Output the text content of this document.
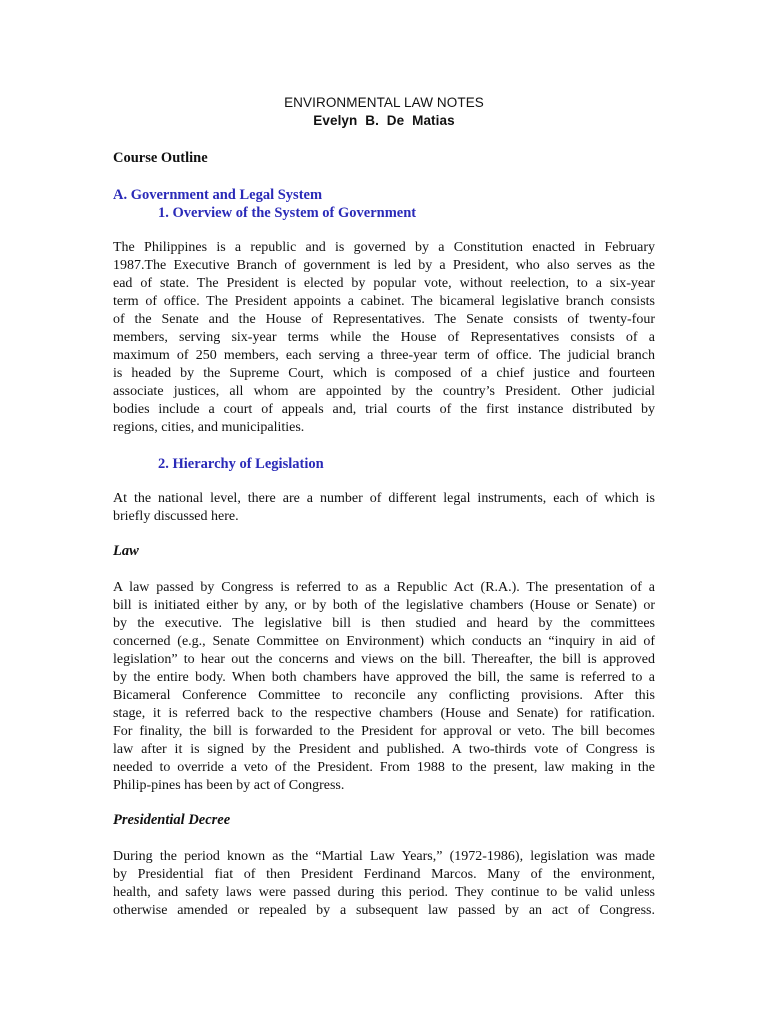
ENVIRONMENTAL LAW NOTES
Evelyn B. De Matias
Course Outline
A. Government and Legal System
1. Overview of the System of Government
The Philippines is a republic and is governed by a Constitution enacted in February
1987.The Executive Branch of government is led by a President, who also serves as the
ead of state. The President is elected by popular vote, without reelection, to a six-year
term of office. The President appoints a cabinet. The bicameral legislative branch consists
of the Senate and the House of Representatives. The Senate consists of twenty-four
members, serving six-year terms while the House of Representatives consists of a
maximum of 250 members, each serving a three-year term of office. The judicial branch
is headed by the Supreme Court, which is composed of a chief justice and fourteen
associate justices, all whom are appointed by the country’s President. Other judicial
bodies include a court of appeals and, trial courts of the first instance distributed by
regions, cities, and municipalities.
2. Hierarchy of Legislation
At the national level, there are a number of different legal instruments, each of which is
briefly discussed here.
Law
A law passed by Congress is referred to as a Republic Act (R.A.). The presentation of a
bill is initiated either by any, or by both of the legislative chambers (House or Senate) or
by the executive. The legislative bill is then studied and heard by the committees
concerned (e.g., Senate Committee on Environment) which conducts an “inquiry in aid of
legislation” to hear out the concerns and views on the bill. Thereafter, the bill is approved
by the entire body. When both chambers have approved the bill, the same is referred to a
Bicameral Conference Committee to reconcile any conflicting provisions. After this
stage, it is referred back to the respective chambers (House and Senate) for ratification.
For finality, the bill is forwarded to the President for approval or veto. The bill becomes
law after it is signed by the President and published. A two-thirds vote of Congress is
needed to override a veto of the President. From 1988 to the present, law making in the
Philip-pines has been by act of Congress.
Presidential Decree
During the period known as the “Martial Law Years,” (1972-1986), legislation was made
by Presidential fiat of then President Ferdinand Marcos. Many of the environment,
health, and safety laws were passed during this period. They continue to be valid unless
otherwise amended or repealed by a subsequent law passed by an act of Congress.
